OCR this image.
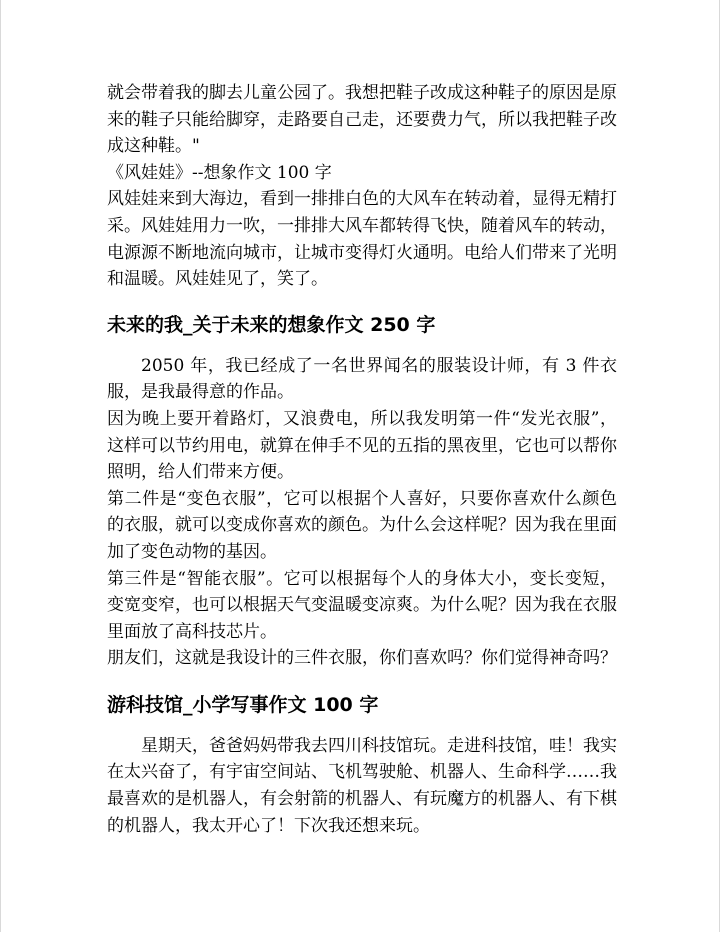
就会带着我的脚去儿童公园了。我想把鞋子改成这种鞋子的原因是原来的鞋子只能给脚穿，走路要自己走，还要费力气，所以我把鞋子改成这种鞋。"

《风娃娃》--想象作文 100 字

风娃娃来到大海边，看到一排排白色的大风车在转动着，显得无精打采。风娃娃用力一吹，一排排大风车都转得飞快，随着风车的转动，电源源不断地流向城市，让城市变得灯火通明。电给人们带来了光明和温暖。风娃娃见了，笑了。

未来的我_关于未来的想象作文 250 字

2050 年，我已经成了一名世界闻名的服装设计师，有 3 件衣服，是我最得意的作品。

因为晚上要开着路灯，又浪费电，所以我发明第一件“发光衣服”，这样可以节约用电，就算在伸手不见的五指的黑夜里，它也可以帮你照明，给人们带来方便。

第二件是“变色衣服”，它可以根据个人喜好，只要你喜欢什么颜色的衣服，就可以变成你喜欢的颜色。为什么会这样呢？因为我在里面加了变色动物的基因。

第三件是“智能衣服”。它可以根据每个人的身体大小，变长变短，变宽变窄，也可以根据天气变温暖变凉爽。为什么呢？因为我在衣服里面放了高科技芯片。

朋友们，这就是我设计的三件衣服，你们喜欢吗？你们觉得神奇吗？

游科技馆_小学写事作文 100 字

星期天，爸爸妈妈带我去四川科技馆玩。走进科技馆，哇！我实在太兴奋了，有宇宙空间站、飞机驾驶舱、机器人、生命科学……我最喜欢的是机器人，有会射箭的机器人、有玩魔方的机器人、有下棋的机器人，我太开心了！下次我还想来玩。
